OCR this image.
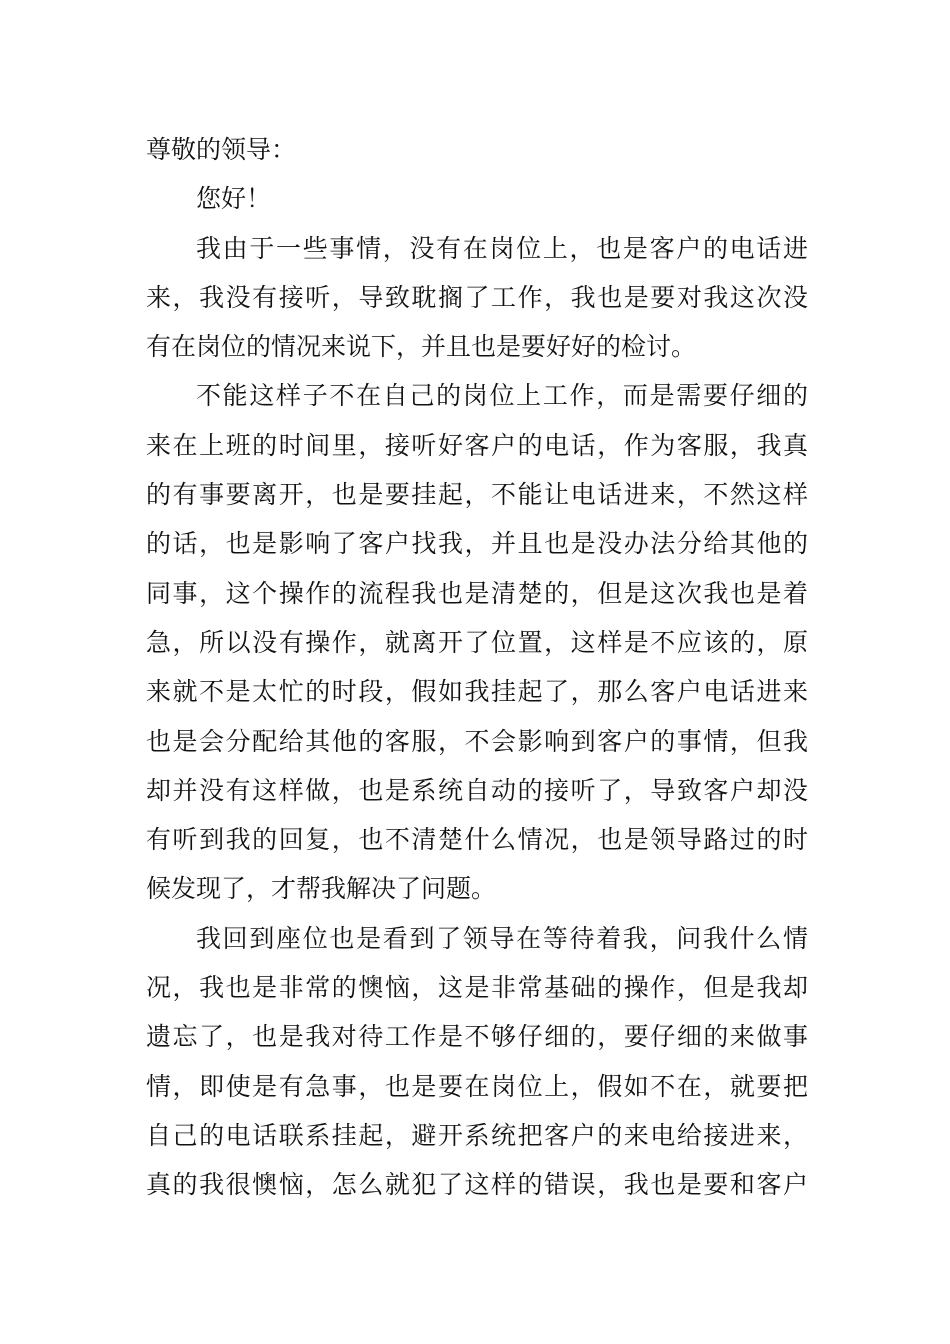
尊敬的领导：

您好！

我由于一些事情，没有在岗位上，也是客户的电话进
来，我没有接听，导致耽搁了工作，我也是要对我这次没
有在岗位的情况来说下，并且也是要好好的检讨。

不能这样子不在自己的岗位上工作，而是需要仔细的
来在上班的时间里，接听好客户的电话，作为客服，我真
的有事要离开，也是要挂起，不能让电话进来，不然这样
的话，也是影响了客户找我，并且也是没办法分给其他的
同事，这个操作的流程我也是清楚的，但是这次我也是着
急，所以没有操作，就离开了位置，这样是不应该的，原
来就不是太忙的时段，假如我挂起了，那么客户电话进来
也是会分配给其他的客服，不会影响到客户的事情，但我
却并没有这样做，也是系统自动的接听了，导致客户却没
有听到我的回复，也不清楚什么情况，也是领导路过的时
候发现了，才帮我解决了问题。

我回到座位也是看到了领导在等待着我，问我什么情
况，我也是非常的懊恼，这是非常基础的操作，但是我却
遗忘了，也是我对待工作是不够仔细的，要仔细的来做事
情，即使是有急事，也是要在岗位上，假如不在，就要把
自己的电话联系挂起，避开系统把客户的来电给接进来，
真的我很懊恼，怎么就犯了这样的错误，我也是要和客户
